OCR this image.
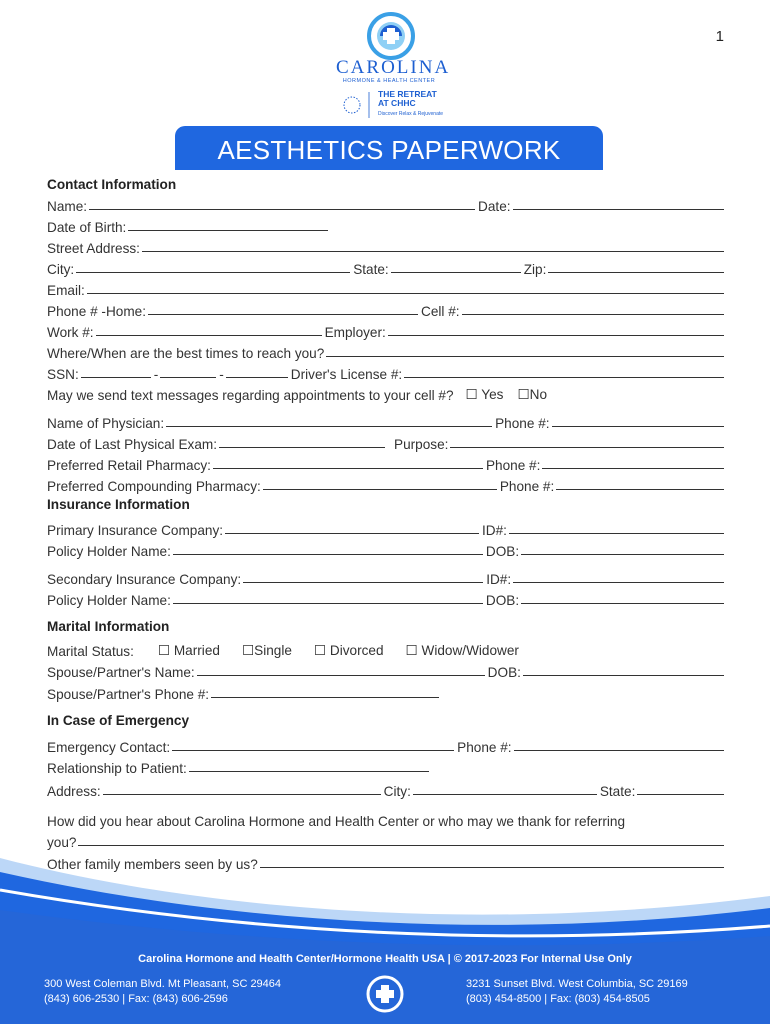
1
CAROLINA
HORMONE & HEALTH CENTER
THE RETREAT
AT CHHC
Discover Relax & Rejuvenate
AESTHETICS PAPERWORK
Contact Information
Name:	Date:
Date of Birth:
Street Address:
City:	State:	Zip:
Email:
Phone # -Home:	Cell #:
Work #:	Employer:
Where/When are the best times to reach you?
SSN:	-	-	Driver's License #:
May we send text messages regarding appointments to your cell #? ☐ Yes ☐No
Name of Physician:	Phone #:
Date of Last Physical Exam:	Purpose:
Preferred Retail Pharmacy:	Phone #:
Preferred Compounding Pharmacy:	Phone #:
Insurance Information
Primary Insurance Company:	ID#:
Policy Holder Name:	DOB:
Secondary Insurance Company:	ID#:
Policy Holder Name:	DOB:
Marital Information
Marital Status: ☐ Married ☐Single ☐ Divorced ☐ Widow/Widower
Spouse/Partner's Name:	DOB:
Spouse/Partner's Phone #:
In Case of Emergency
Emergency Contact:	Phone #:
Relationship to Patient:
Address:	City:	State:
How did you hear about Carolina Hormone and Health Center or who may we thank for referring
you?
Other family members seen by us?
Carolina Hormone and Health Center/Hormone Health USA | © 2017-2023 For Internal Use Only
300 West Coleman Blvd. Mt Pleasant, SC 29464
(843) 606-2530 | Fax: (843) 606-2596
3231 Sunset Blvd. West Columbia, SC 29169
(803) 454-8500 | Fax: (803) 454-8505
